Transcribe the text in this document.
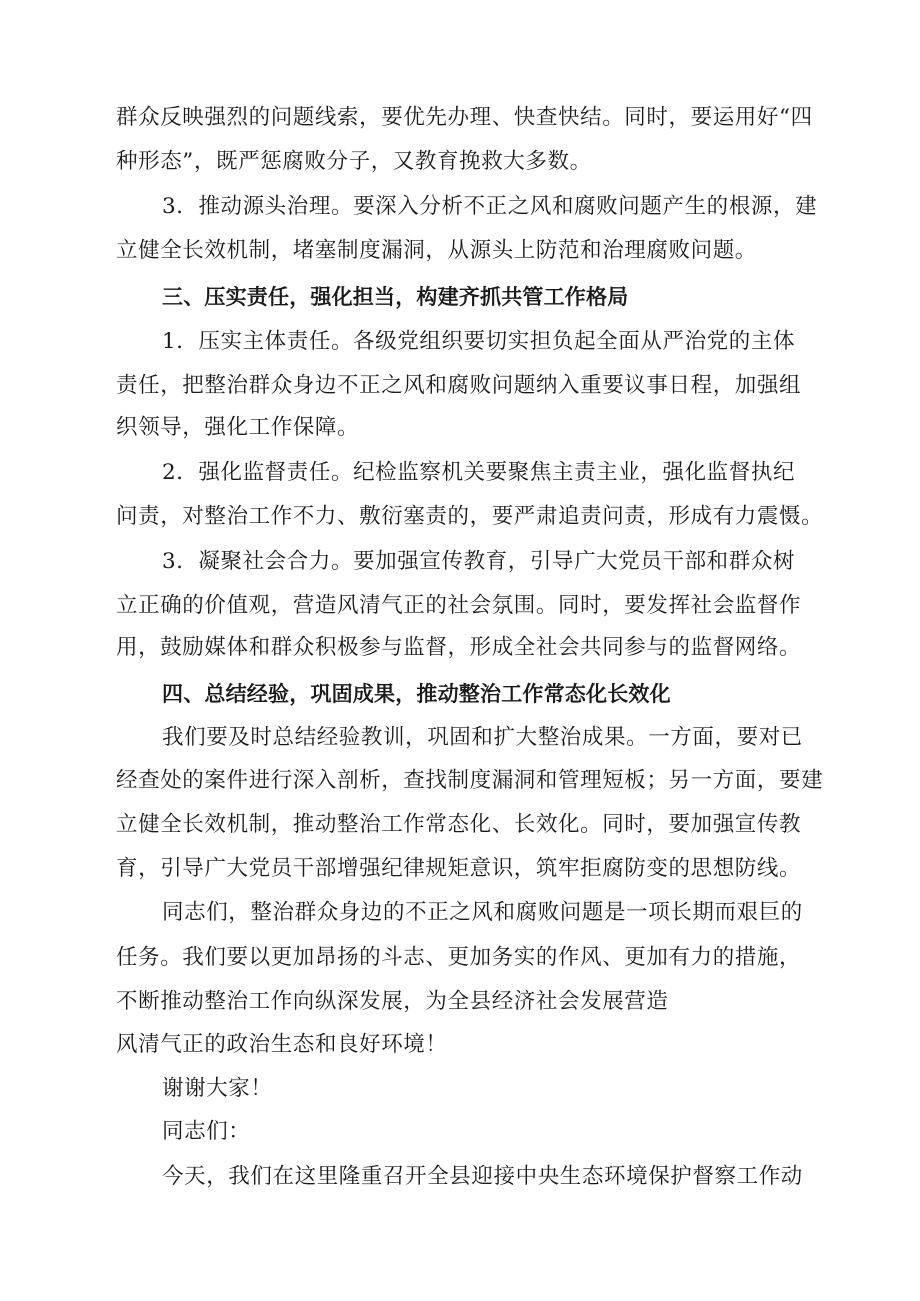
群众反映强烈的问题线索，要优先办理、快查快结。同时，要运用好“四
种形态”，既严惩腐败分子，又教育挽救大多数。
3．推动源头治理。要深入分析不正之风和腐败问题产生的根源，建
立健全长效机制，堵塞制度漏洞，从源头上防范和治理腐败问题。
三、压实责任，强化担当，构建齐抓共管工作格局
1．压实主体责任。各级党组织要切实担负起全面从严治党的主体
责任，把整治群众身边不正之风和腐败问题纳入重要议事日程，加强组
织领导，强化工作保障。
2．强化监督责任。纪检监察机关要聚焦主责主业，强化监督执纪
问责，对整治工作不力、敷衍塞责的，要严肃追责问责，形成有力震慑。
3．凝聚社会合力。要加强宣传教育，引导广大党员干部和群众树
立正确的价值观，营造风清气正的社会氛围。同时，要发挥社会监督作
用，鼓励媒体和群众积极参与监督，形成全社会共同参与的监督网络。
四、总结经验，巩固成果，推动整治工作常态化长效化
我们要及时总结经验教训，巩固和扩大整治成果。一方面，要对已
经查处的案件进行深入剖析，查找制度漏洞和管理短板；另一方面，要建
立健全长效机制，推动整治工作常态化、长效化。同时，要加强宣传教
育，引导广大党员干部增强纪律规矩意识，筑牢拒腐防变的思想防线。
同志们，整治群众身边的不正之风和腐败问题是一项长期而艰巨的
任务。我们要以更加昂扬的斗志、更加务实的作风、更加有力的措施，
不断推动整治工作向纵深发展，为全县经济社会发展营造
风清气正的政治生态和良好环境！
谢谢大家！
同志们：
今天，我们在这里隆重召开全县迎接中央生态环境保护督察工作动
